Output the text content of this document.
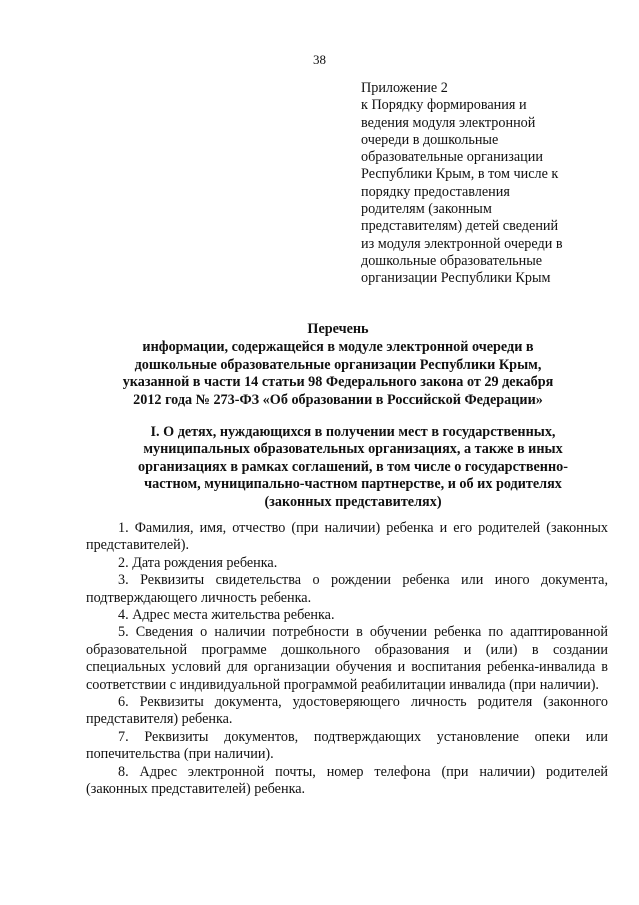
38
Приложение 2
к Порядку формирования и
ведения модуля электронной
очереди в дошкольные
образовательные организации
Республики Крым, в том числе к
порядку предоставления
родителям (законным
представителям) детей сведений
из модуля электронной очереди в
дошкольные образовательные
организации Республики Крым
Перечень
информации, содержащейся в модуле электронной очереди в
дошкольные образовательные организации Республики Крым,
указанной в части 14 статьи 98 Федерального закона от 29 декабря
2012 года № 273-ФЗ «Об образовании в Российской Федерации»
I. О детях, нуждающихся в получении мест в государственных,
муниципальных образовательных организациях, а также в иных
организациях в рамках соглашений, в том числе о государственно-
частном, муниципально-частном партнерстве, и об их родителях
(законных представителях)

1. Фамилия, имя, отчество (при наличии) ребенка и его родителей (законных представителей).

2. Дата рождения ребенка.

3. Реквизиты свидетельства о рождении ребенка или иного документа, подтверждающего личность ребенка.

4. Адрес места жительства ребенка.

5. Сведения о наличии потребности в обучении ребенка по адаптированной образовательной программе дошкольного образования и (или) в создании специальных условий для организации обучения и воспитания ребенка-инвалида в соответствии с индивидуальной программой реабилитации инвалида (при наличии).

6. Реквизиты документа, удостоверяющего личность родителя (законного представителя) ребенка.

7. Реквизиты документов, подтверждающих установление опеки или попечительства (при наличии).

8. Адрес электронной почты, номер телефона (при наличии) родителей (законных представителей) ребенка.
